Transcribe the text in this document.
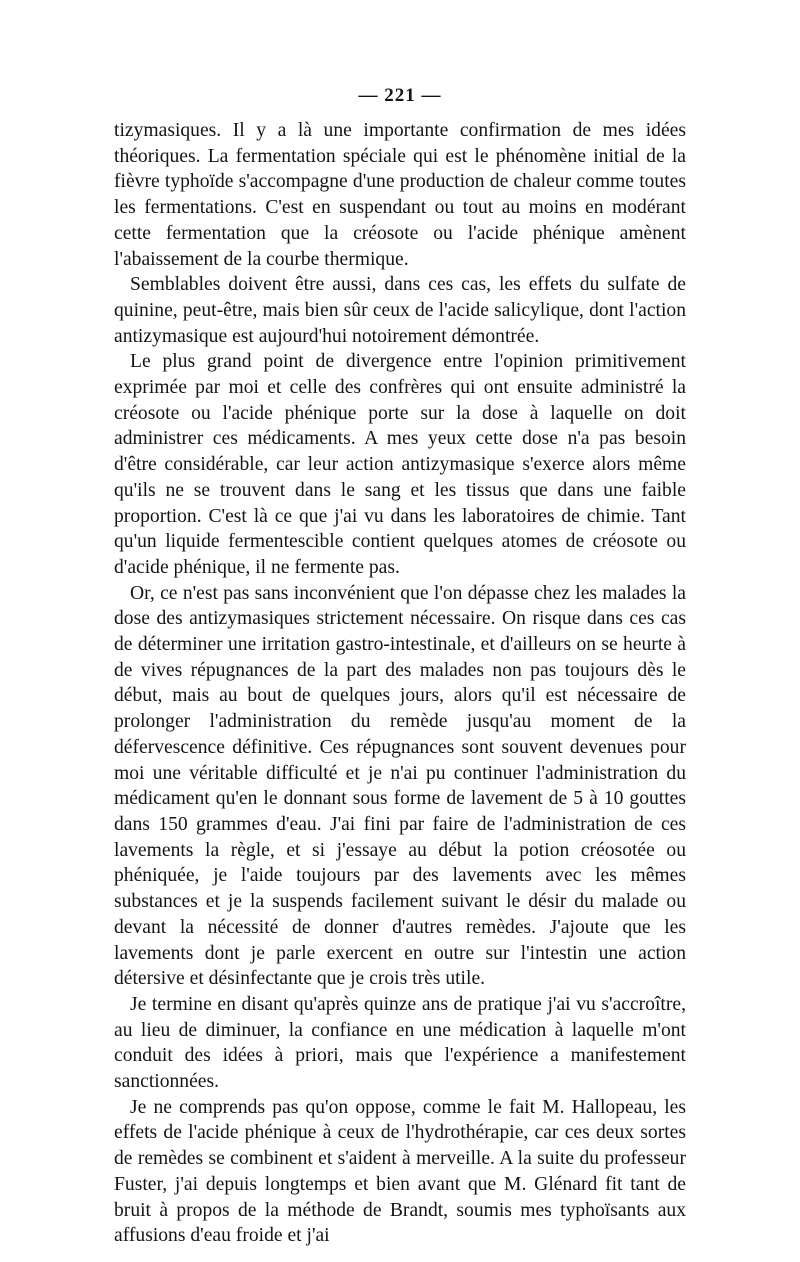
— 221 —

tizymasiques. Il y a là une importante confirmation de mes idées théoriques. La fermentation spéciale qui est le phénomène initial de la fièvre typhoïde s'accompagne d'une production de chaleur comme toutes les fermentations. C'est en suspendant ou tout au moins en modérant cette fermentation que la créosote ou l'acide phénique amènent l'abaissement de la courbe thermique.

Semblables doivent être aussi, dans ces cas, les effets du sulfate de quinine, peut-être, mais bien sûr ceux de l'acide salicylique, dont l'action antizymasique est aujourd'hui notoirement démontrée.

Le plus grand point de divergence entre l'opinion primitivement exprimée par moi et celle des confrères qui ont ensuite administré la créosote ou l'acide phénique porte sur la dose à laquelle on doit administrer ces médicaments. A mes yeux cette dose n'a pas besoin d'être considérable, car leur action antizymasique s'exerce alors même qu'ils ne se trouvent dans le sang et les tissus que dans une faible proportion. C'est là ce que j'ai vu dans les laboratoires de chimie. Tant qu'un liquide fermentescible contient quelques atomes de créosote ou d'acide phénique, il ne fermente pas.

Or, ce n'est pas sans inconvénient que l'on dépasse chez les malades la dose des antizymasiques strictement nécessaire. On risque dans ces cas de déterminer une irritation gastro-intestinale, et d'ailleurs on se heurte à de vives répugnances de la part des malades non pas toujours dès le début, mais au bout de quelques jours, alors qu'il est nécessaire de prolonger l'administration du remède jusqu'au moment de la défervescence définitive. Ces répugnances sont souvent devenues pour moi une véritable difficulté et je n'ai pu continuer l'administration du médicament qu'en le donnant sous forme de lavement de 5 à 10 gouttes dans 150 grammes d'eau. J'ai fini par faire de l'administration de ces lavements la règle, et si j'essaye au début la potion créosotée ou phéniquée, je l'aide toujours par des lavements avec les mêmes substances et je la suspends facilement suivant le désir du malade ou devant la nécessité de donner d'autres remèdes. J'ajoute que les lavements dont je parle exercent en outre sur l'intestin une action détersive et désinfectante que je crois très utile.

Je termine en disant qu'après quinze ans de pratique j'ai vu s'accroître, au lieu de diminuer, la confiance en une médication à laquelle m'ont conduit des idées à priori, mais que l'expérience a manifestement sanctionnées.

Je ne comprends pas qu'on oppose, comme le fait M. Hallopeau, les effets de l'acide phénique à ceux de l'hydrothérapie, car ces deux sortes de remèdes se combinent et s'aident à merveille. A la suite du professeur Fuster, j'ai depuis longtemps et bien avant que M. Glénard fit tant de bruit à propos de la méthode de Brandt, soumis mes typhoïsants aux affusions d'eau froide et j'ai
